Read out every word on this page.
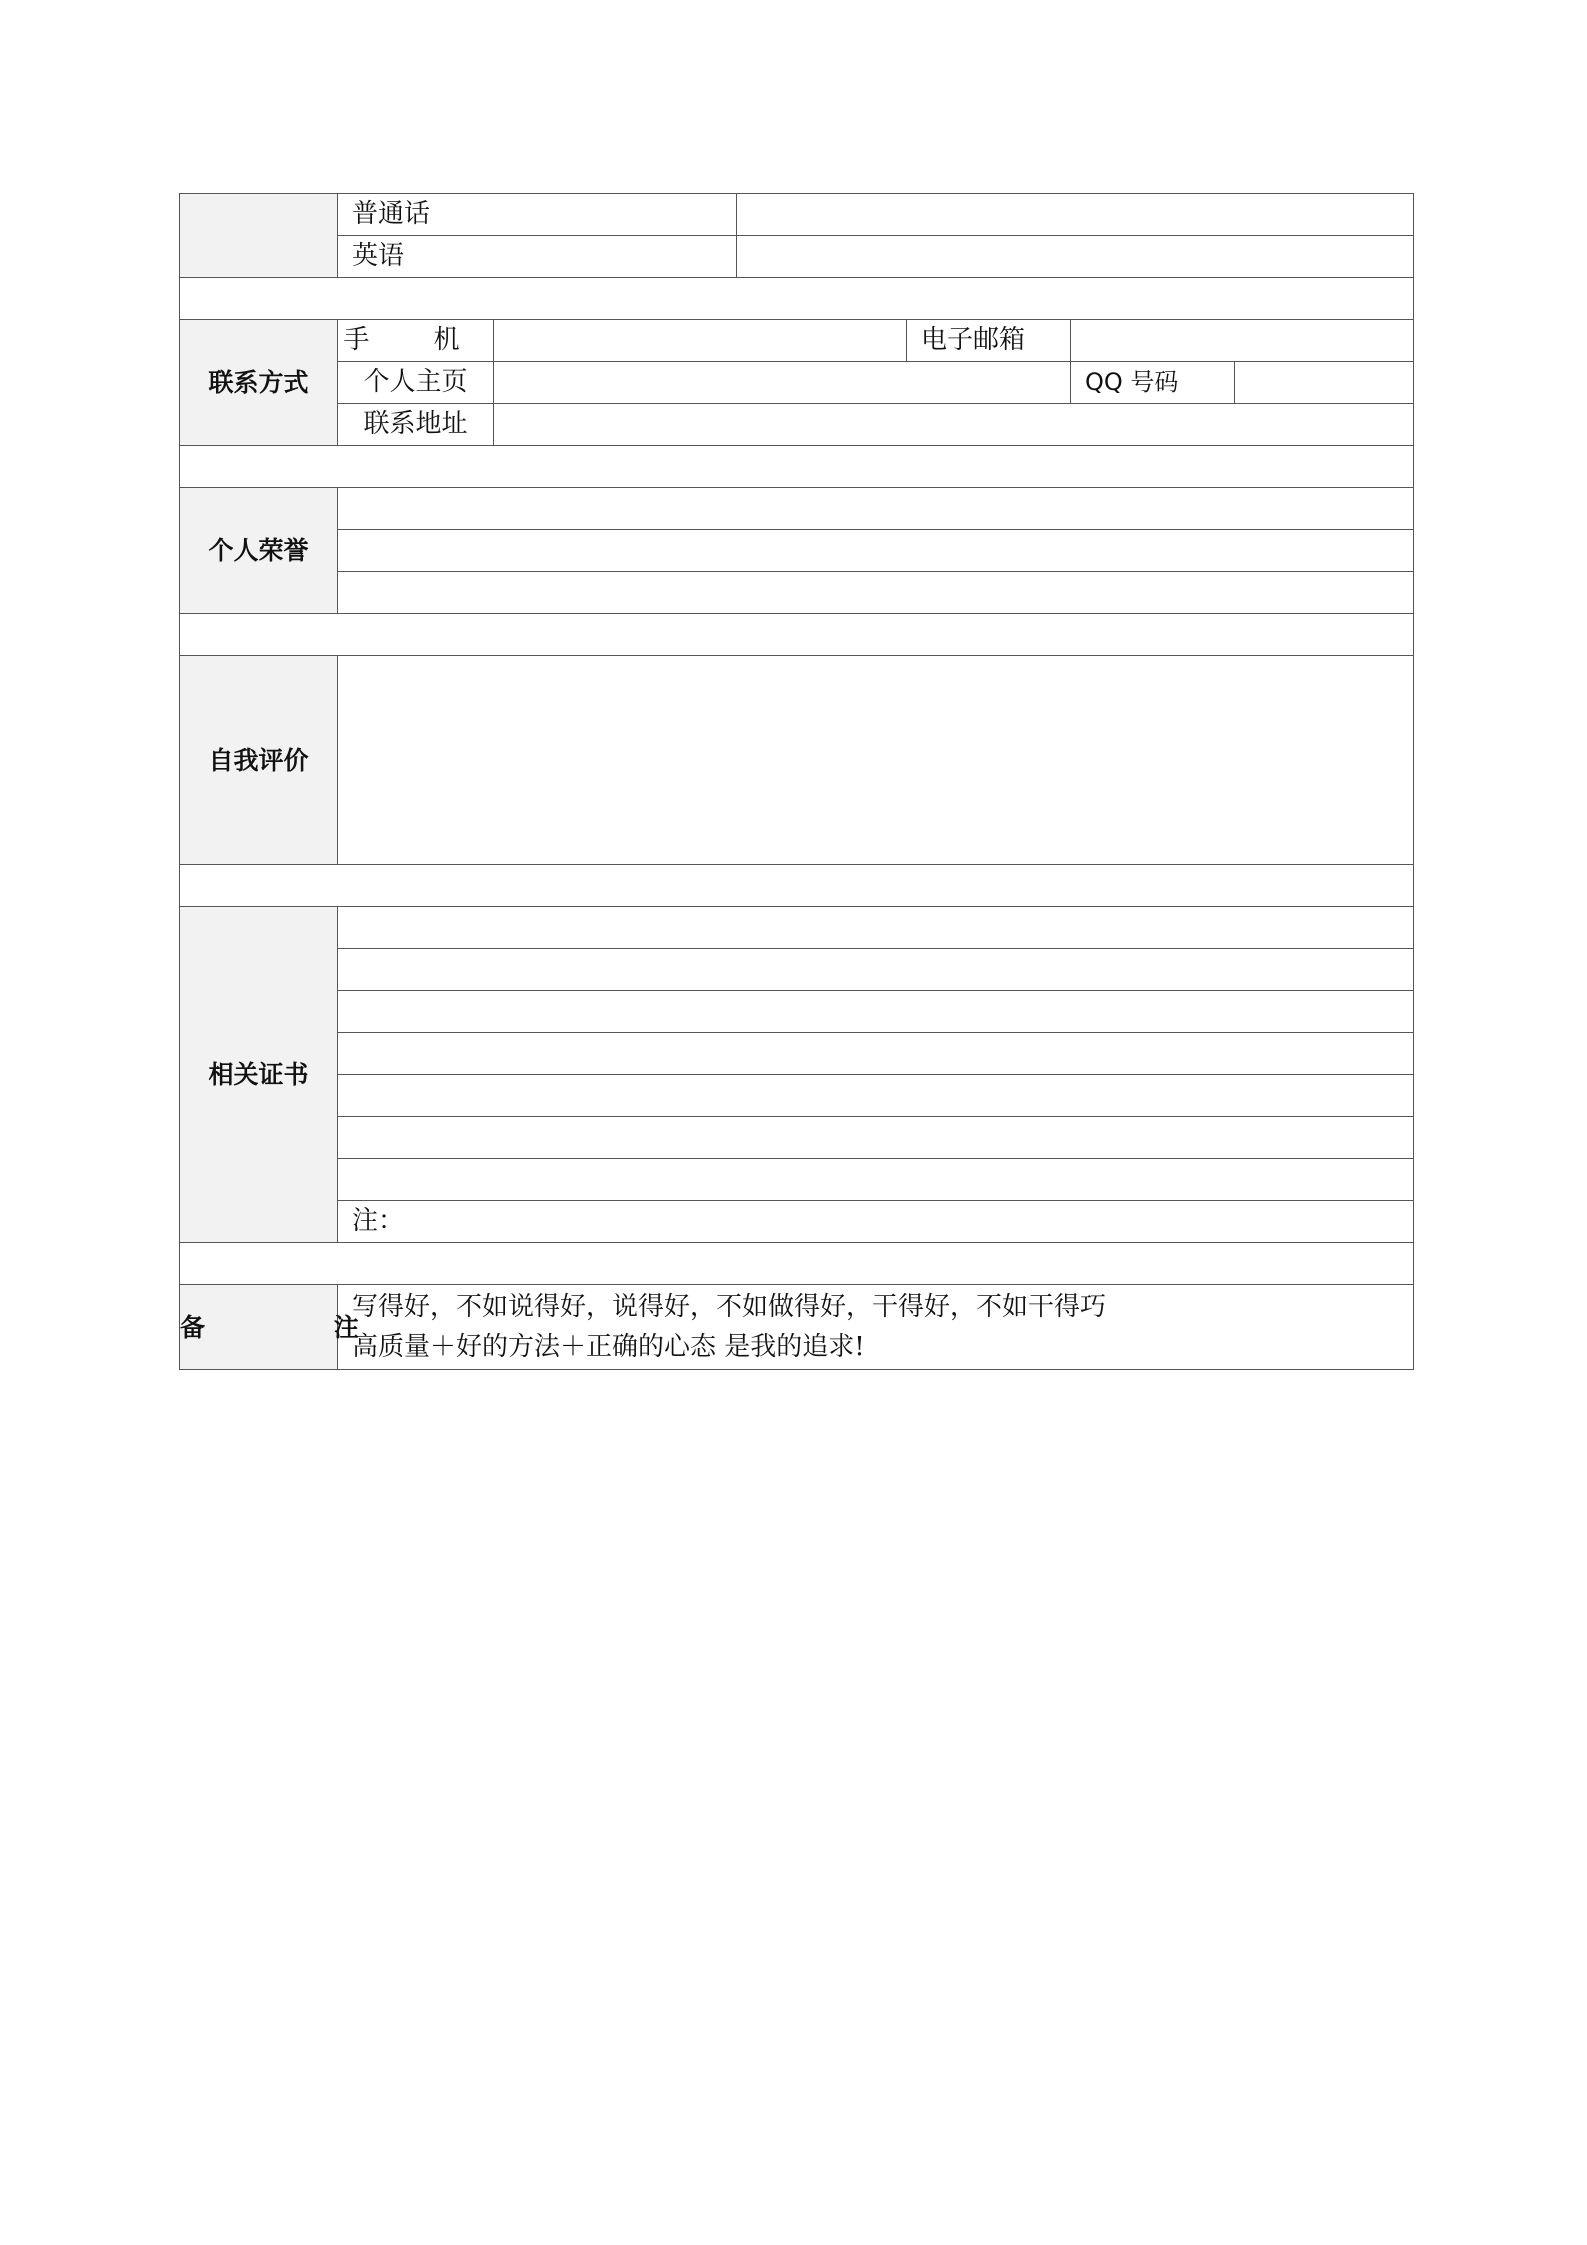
	普通话				
	英语				

联系方式	手 机			电子邮箱	
	个人主页				QQ 号码

	联系地址				

个人荣誉					

自我评价					

相关证书					

	注：				

备 注	写得好，不如说得好，说得好，不如做得好，干得好，不如干得巧
高质量＋好的方法＋正确的心态 是我的追求!				
